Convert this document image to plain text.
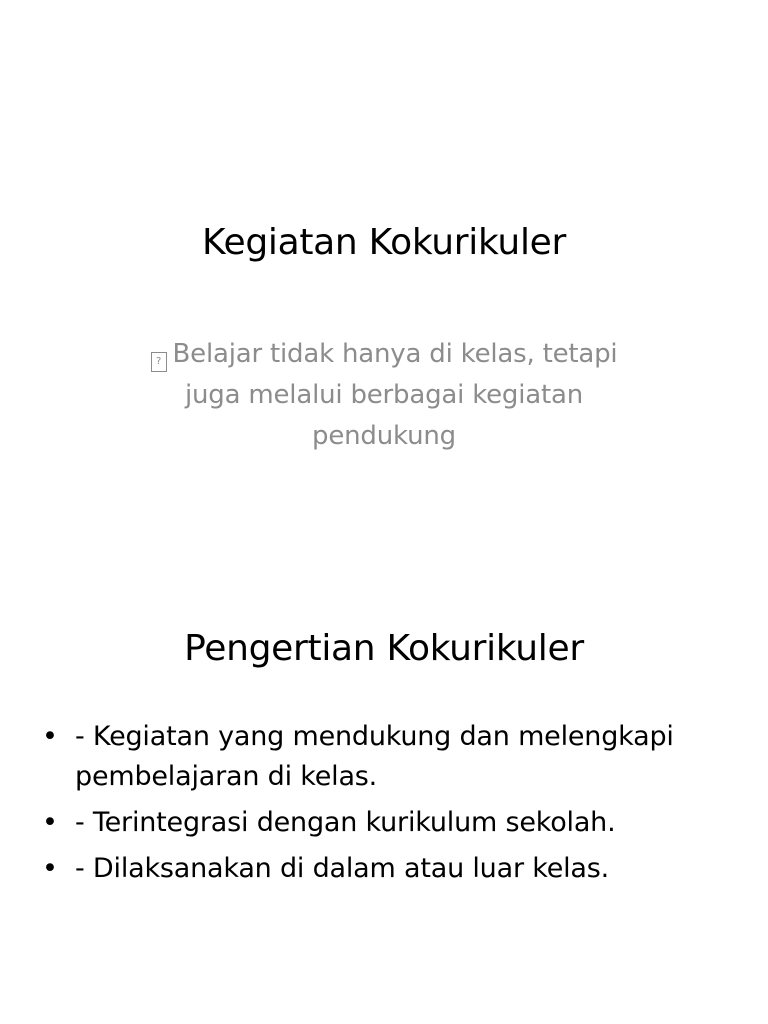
Kegiatan Kokurikuler

? Belajar tidak hanya di kelas, tetapi juga melalui berbagai kegiatan pendukung

Pengertian Kokurikuler
• - Kegiatan yang mendukung dan melengkapi pembelajaran di kelas.
• - Terintegrasi dengan kurikulum sekolah.
• - Dilaksanakan di dalam atau luar kelas.
